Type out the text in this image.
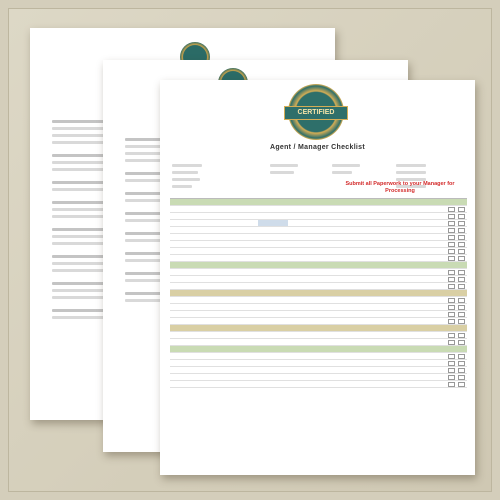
CERTIFIED
Agent / Manager Checklist
Submit all Paperwork to your Manager for Processing
